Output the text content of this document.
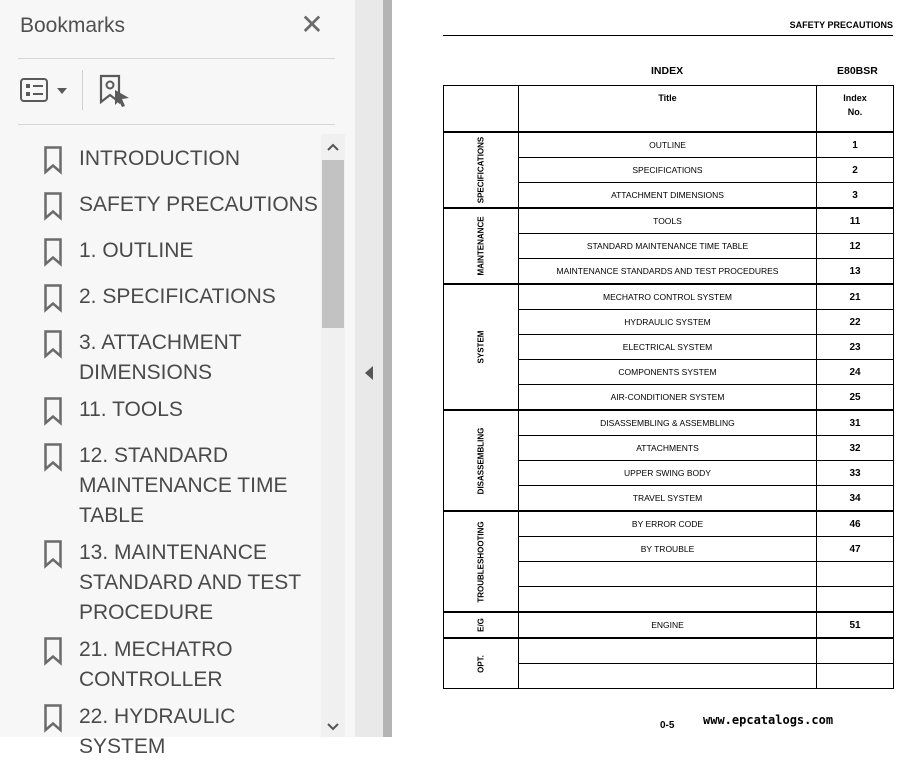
Bookmarks	✕
INTRODUCTION
SAFETY PRECAUTIONS
1. OUTLINE
2. SPECIFICATIONS
3. ATTACHMENT DIMENSIONS
11. TOOLS
12. STANDARD MAINTENANCE TIME TABLE
13. MAINTENANCE STANDARD AND TEST PROCEDURE
21. MECHATRO CONTROLLER
22. HYDRAULIC SYSTEM
SAFETY PRECAUTIONS
INDEX	E80BSR
	Title	Index No.

SPECIFICATIONS	OUTLINE	1
	SPECIFICATIONS	2
	ATTACHMENT DIMENSIONS	3

MAINTENANCE	TOOLS	11
	STANDARD MAINTENANCE TIME TABLE	12
	MAINTENANCE STANDARDS AND TEST PROCEDURES	13

SYSTEM	MECHATRO CONTROL SYSTEM	21
	HYDRAULIC SYSTEM	22
	ELECTRICAL SYSTEM	23
	COMPONENTS SYSTEM	24
	AIR-CONDITIONER SYSTEM	25

DISASSEMBLING	DISASSEMBLING & ASSEMBLING	31
	ATTACHMENTS	32
	UPPER SWING BODY	33
	TRAVEL SYSTEM	34

TROUBLESHOOTING	BY ERROR CODE	46
	BY TROUBLE	47

E/G	ENGINE	51

OPT.		

0-5 www.epcatalogs.com
